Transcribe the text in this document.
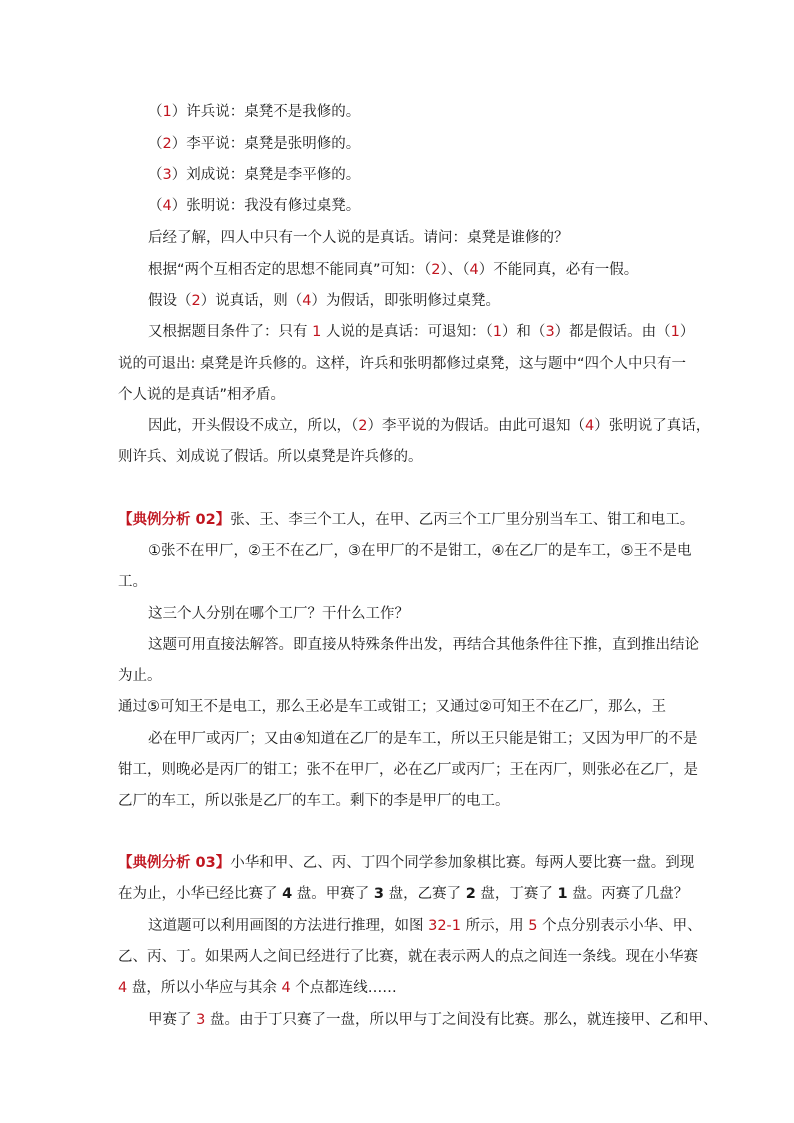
（1）许兵说：桌凳不是我修的。
（2）李平说：桌凳是张明修的。
（3）刘成说：桌凳是李平修的。
（4）张明说：我没有修过桌凳。
后经了解，四人中只有一个人说的是真话。请问：桌凳是谁修的？
根据“两个互相否定的思想不能同真”可知：（2）、（4）不能同真，必有一假。
假设（2）说真话，则（4）为假话，即张明修过桌凳。
又根据题目条件了：只有 1 人说的是真话：可退知：（1）和（3）都是假话。由（1）
说的可退出: 桌凳是许兵修的。这样，许兵和张明都修过桌凳，这与题中“四个人中只有一
个人说的是真话”相矛盾。
因此，开头假设不成立，所以，（2）李平说的为假话。由此可退知（4）张明说了真话，
则许兵、刘成说了假话。所以桌凳是许兵修的。
【典例分析 02】张、王、李三个工人，在甲、乙丙三个工厂里分别当车工、钳工和电工。
①张不在甲厂，②王不在乙厂，③在甲厂的不是钳工，④在乙厂的是车工，⑤王不是电
工。
这三个人分别在哪个工厂？干什么工作？
这题可用直接法解答。即直接从特殊条件出发，再结合其他条件往下推，直到推出结论
为止。
通过⑤可知王不是电工，那么王必是车工或钳工；又通过②可知王不在乙厂，那么，王
必在甲厂或丙厂；又由④知道在乙厂的是车工，所以王只能是钳工；又因为甲厂的不是
钳工，则晚必是丙厂的钳工；张不在甲厂，必在乙厂或丙厂；王在丙厂，则张必在乙厂，是
乙厂的车工，所以张是乙厂的车工。剩下的李是甲厂的电工。
【典例分析 03】小华和甲、乙、丙、丁四个同学参加象棋比赛。每两人要比赛一盘。到现
在为止，小华已经比赛了 4 盘。甲赛了 3 盘，乙赛了 2 盘，丁赛了 1 盘。丙赛了几盘？
这道题可以利用画图的方法进行推理，如图 32-1 所示，用 5 个点分别表示小华、甲、
乙、丙、丁。如果两人之间已经进行了比赛，就在表示两人的点之间连一条线。现在小华赛
4 盘，所以小华应与其余 4 个点都连线……
甲赛了 3 盘。由于丁只赛了一盘，所以甲与丁之间没有比赛。那么，就连接甲、乙和甲、
